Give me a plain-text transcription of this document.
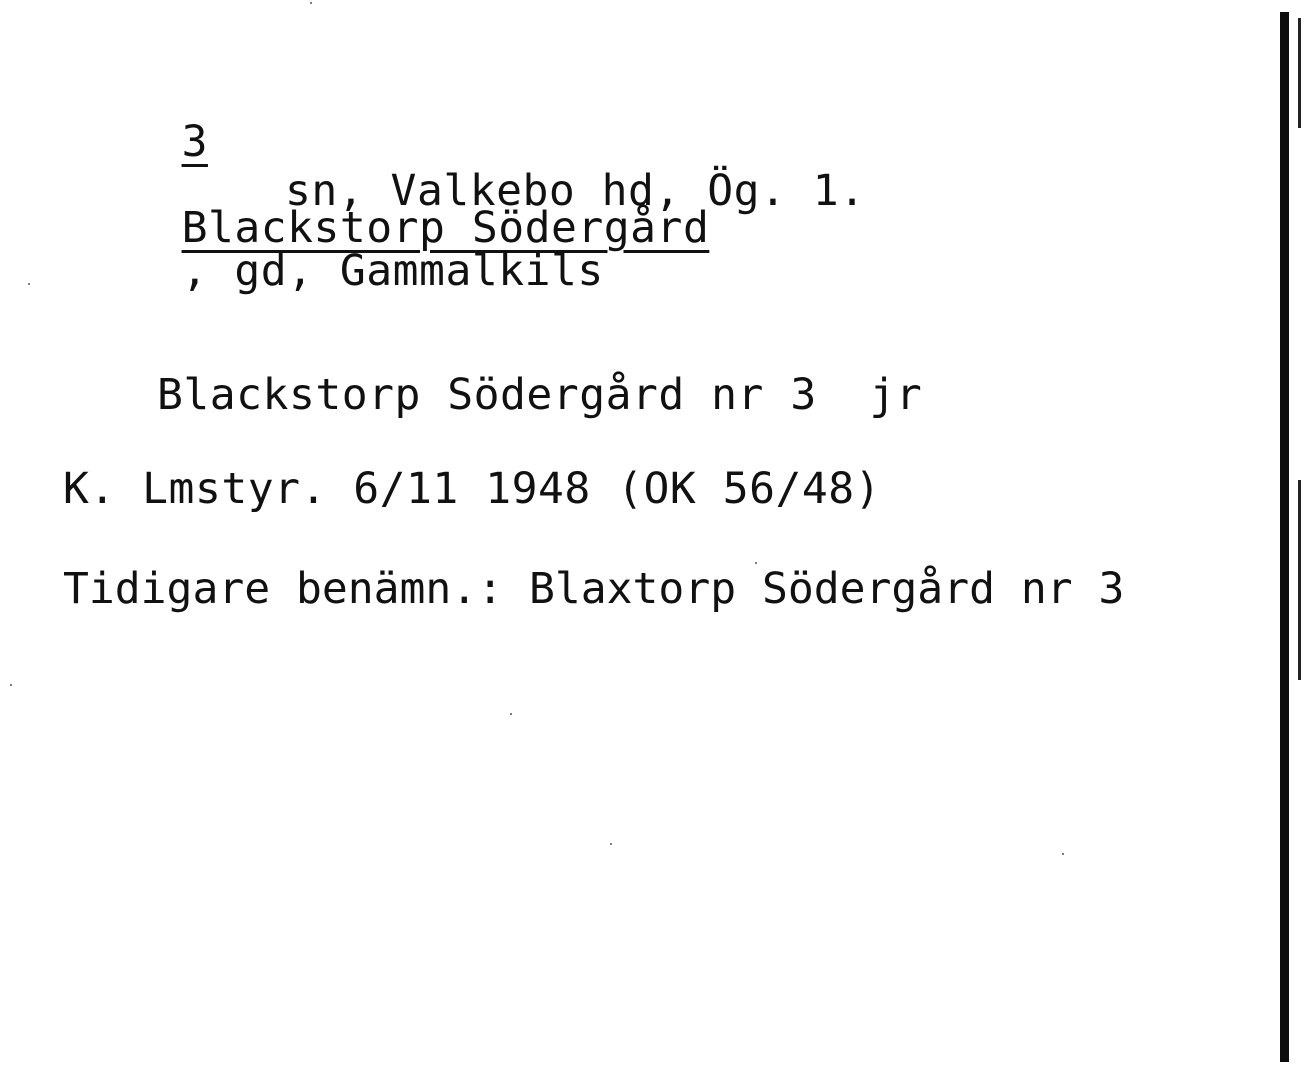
3

Blackstorp Södergård
, gd, Gammalkils

sn, Valkebo hd, Ög. 1.
Blackstorp Södergård nr 3  jr
K. Lmstyr. 6/11 1948 (OK 56/48)
Tidigare benämn.: Blaxtorp Södergård nr 3
